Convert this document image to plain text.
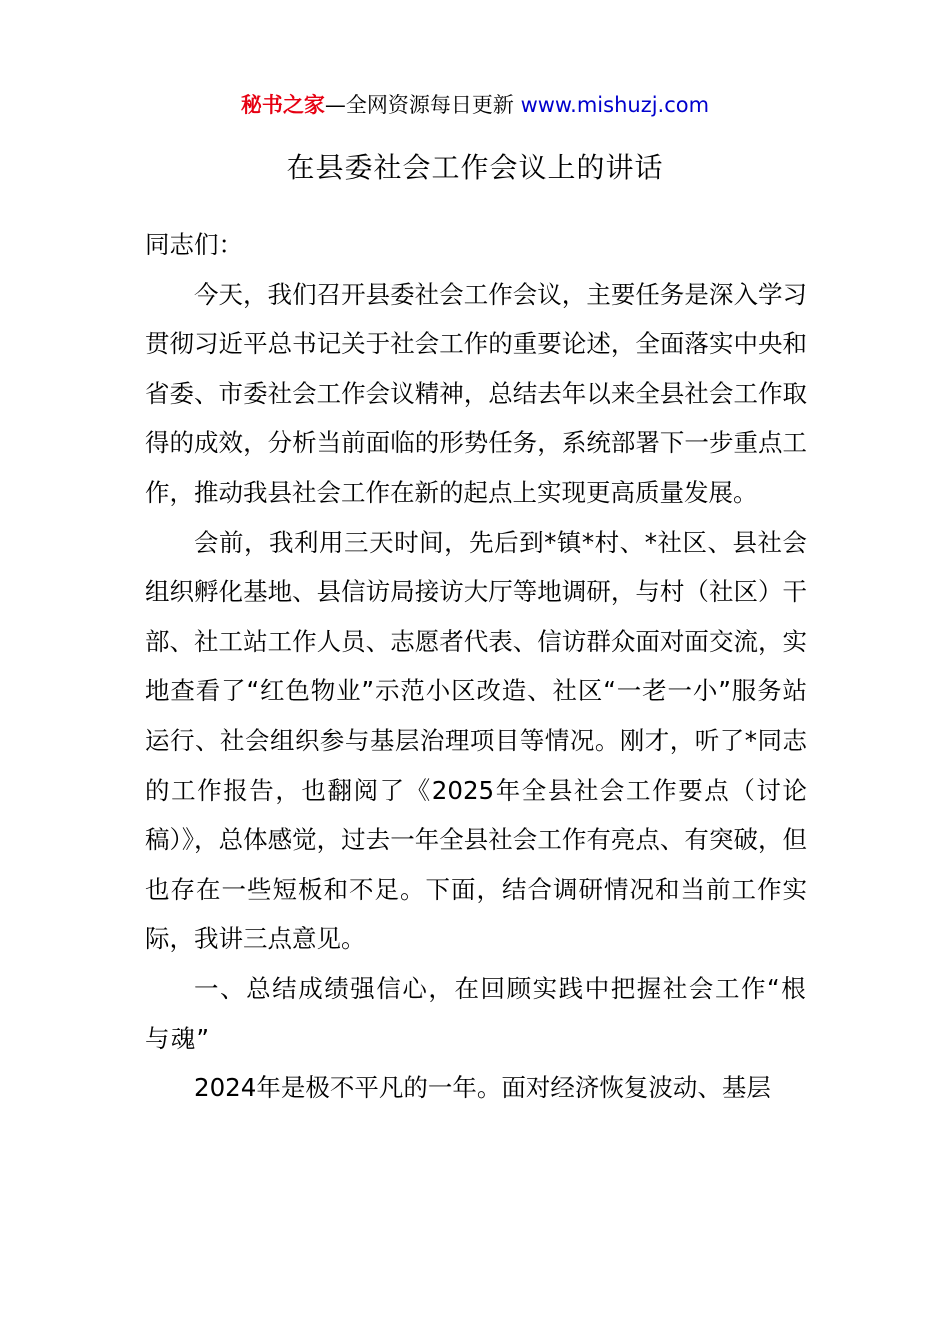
秘书之家—全网资源每日更新 www.mishuzj.com
在县委社会工作会议上的讲话

同志们：

今天，我们召开县委社会工作会议，主要任务是深入学习贯彻习近平总书记关于社会工作的重要论述，全面落实中央和省委、市委社会工作会议精神，总结去年以来全县社会工作取得的成效，分析当前面临的形势任务，系统部署下一步重点工作，推动我县社会工作在新的起点上实现更高质量发展。

会前，我利用三天时间，先后到*镇*村、*社区、县社会组织孵化基地、县信访局接访大厅等地调研，与村（社区）干部、社工站工作人员、志愿者代表、信访群众面对面交流，实地查看了“红色物业”示范小区改造、社区“一老一小”服务站运行、社会组织参与基层治理项目等情况。刚才，听了*同志的工作报告，也翻阅了《2025年全县社会工作要点（讨论稿）》，总体感觉，过去一年全县社会工作有亮点、有突破，但也存在一些短板和不足。下面，结合调研情况和当前工作实际，我讲三点意见。

一、总结成绩强信心，在回顾实践中把握社会工作“根与魂”

2024年是极不平凡的一年。面对经济恢复波动、基层
